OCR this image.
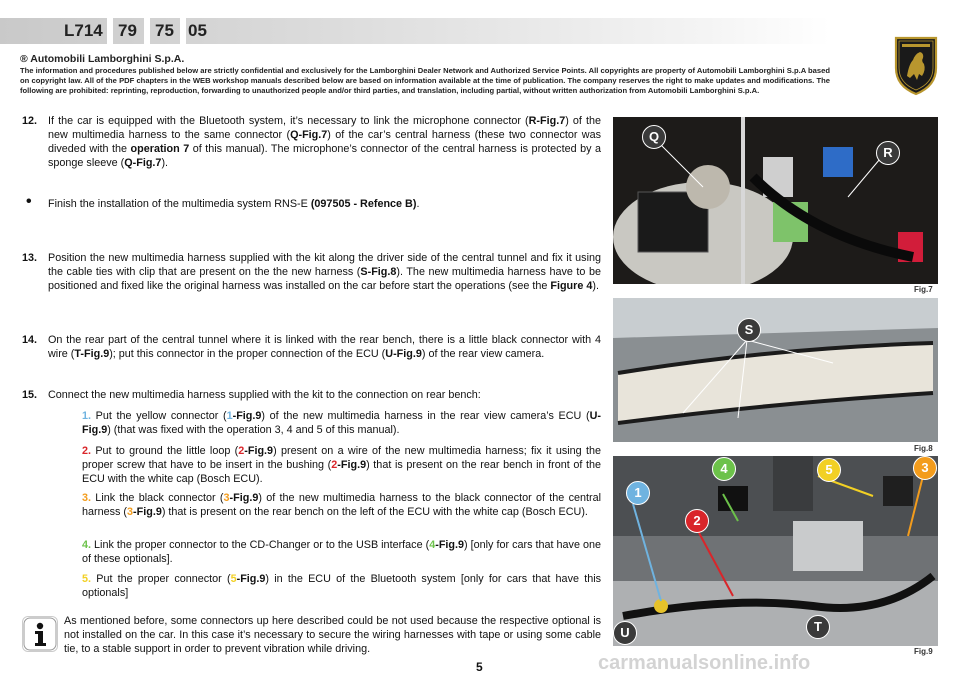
L714 79 75 05
® Automobili Lamborghini S.p.A.
The information and procedures published below are strictly confidential and exclusively for the Lamborghini Dealer Network and Authorized Service Points. All copyrights are property of Automobili Lamborghini S.p.A based on copyright law. All of the PDF chapters in the WEB workshop manuals described below are based on information available at the time of publication. The company reserves the right to make updates and modifications. The following are prohibited: reprinting, reproduction, forwarding to unauthorized people and/or third parties, and translation, including partial, without written authorization from Automobili Lamborghini S.p.A.
12. If the car is equipped with the Bluetooth system, it’s necessary to link the microphone connector (R-Fig.7) of the new multimedia harness to the same connector (Q-Fig.7) of the car’s central harness (these two connector was diveded with the operation 7 of this manual). The microphone’s connector of the central harness is protected by a sponge sleeve (Q-Fig.7).
• Finish the installation of the multimedia system RNS-E (097505 - Refence B).
13. Position the new multimedia harness supplied with the kit along the driver side of the central tunnel and fix it using the cable ties with clip that are present on the the new harness (S-Fig.8). The new multimedia harness have to be positioned and fixed like the original harness was installed on the car before start the operations (see the Figure 4).
14. On the rear part of the central tunnel where it is linked with the rear bench, there is a little black connector with 4 wire (T-Fig.9); put this connector in the proper connection of the ECU (U-Fig.9) of the rear view camera.
15. Connect the new multimedia harness supplied with the kit to the connection on rear bench:
1. Put the yellow connector (1-Fig.9) of the new multimedia harness in the rear view camera’s ECU (U-Fig.9) (that was fixed with the operation 3, 4 and 5 of this manual).
2. Put to ground the little loop (2-Fig.9) present on a wire of the new multimedia harness; fix it using the proper screw that have to be insert in the bushing (2-Fig.9) that is present on the rear bench in front of the ECU with the white cap (Bosch ECU).
3. Link the black connector (3-Fig.9) of the new multimedia harness to the black connector of the central harness (3-Fig.9) that is present on the rear bench on the left of the ECU with the white cap (Bosch ECU).
4. Link the proper connector to the CD-Changer or to the USB interface (4-Fig.9) [only for cars that have one of these optionals].
5. Put the proper connector (5-Fig.9) in the ECU of the Bluetooth system [only for cars that have this optionals]
As mentioned before, some connectors up here described could be not used because the respective optional is not installed on the car. In this case it’s necessary to secure the wiring harnesses with tape or using some cable tie, to a stable support in order to prevent vibration while driving.
Q
R
Fig.7
S
Fig.8
1
2
3
4	5
U	T
Fig.9
5	carmanualsonline.info
